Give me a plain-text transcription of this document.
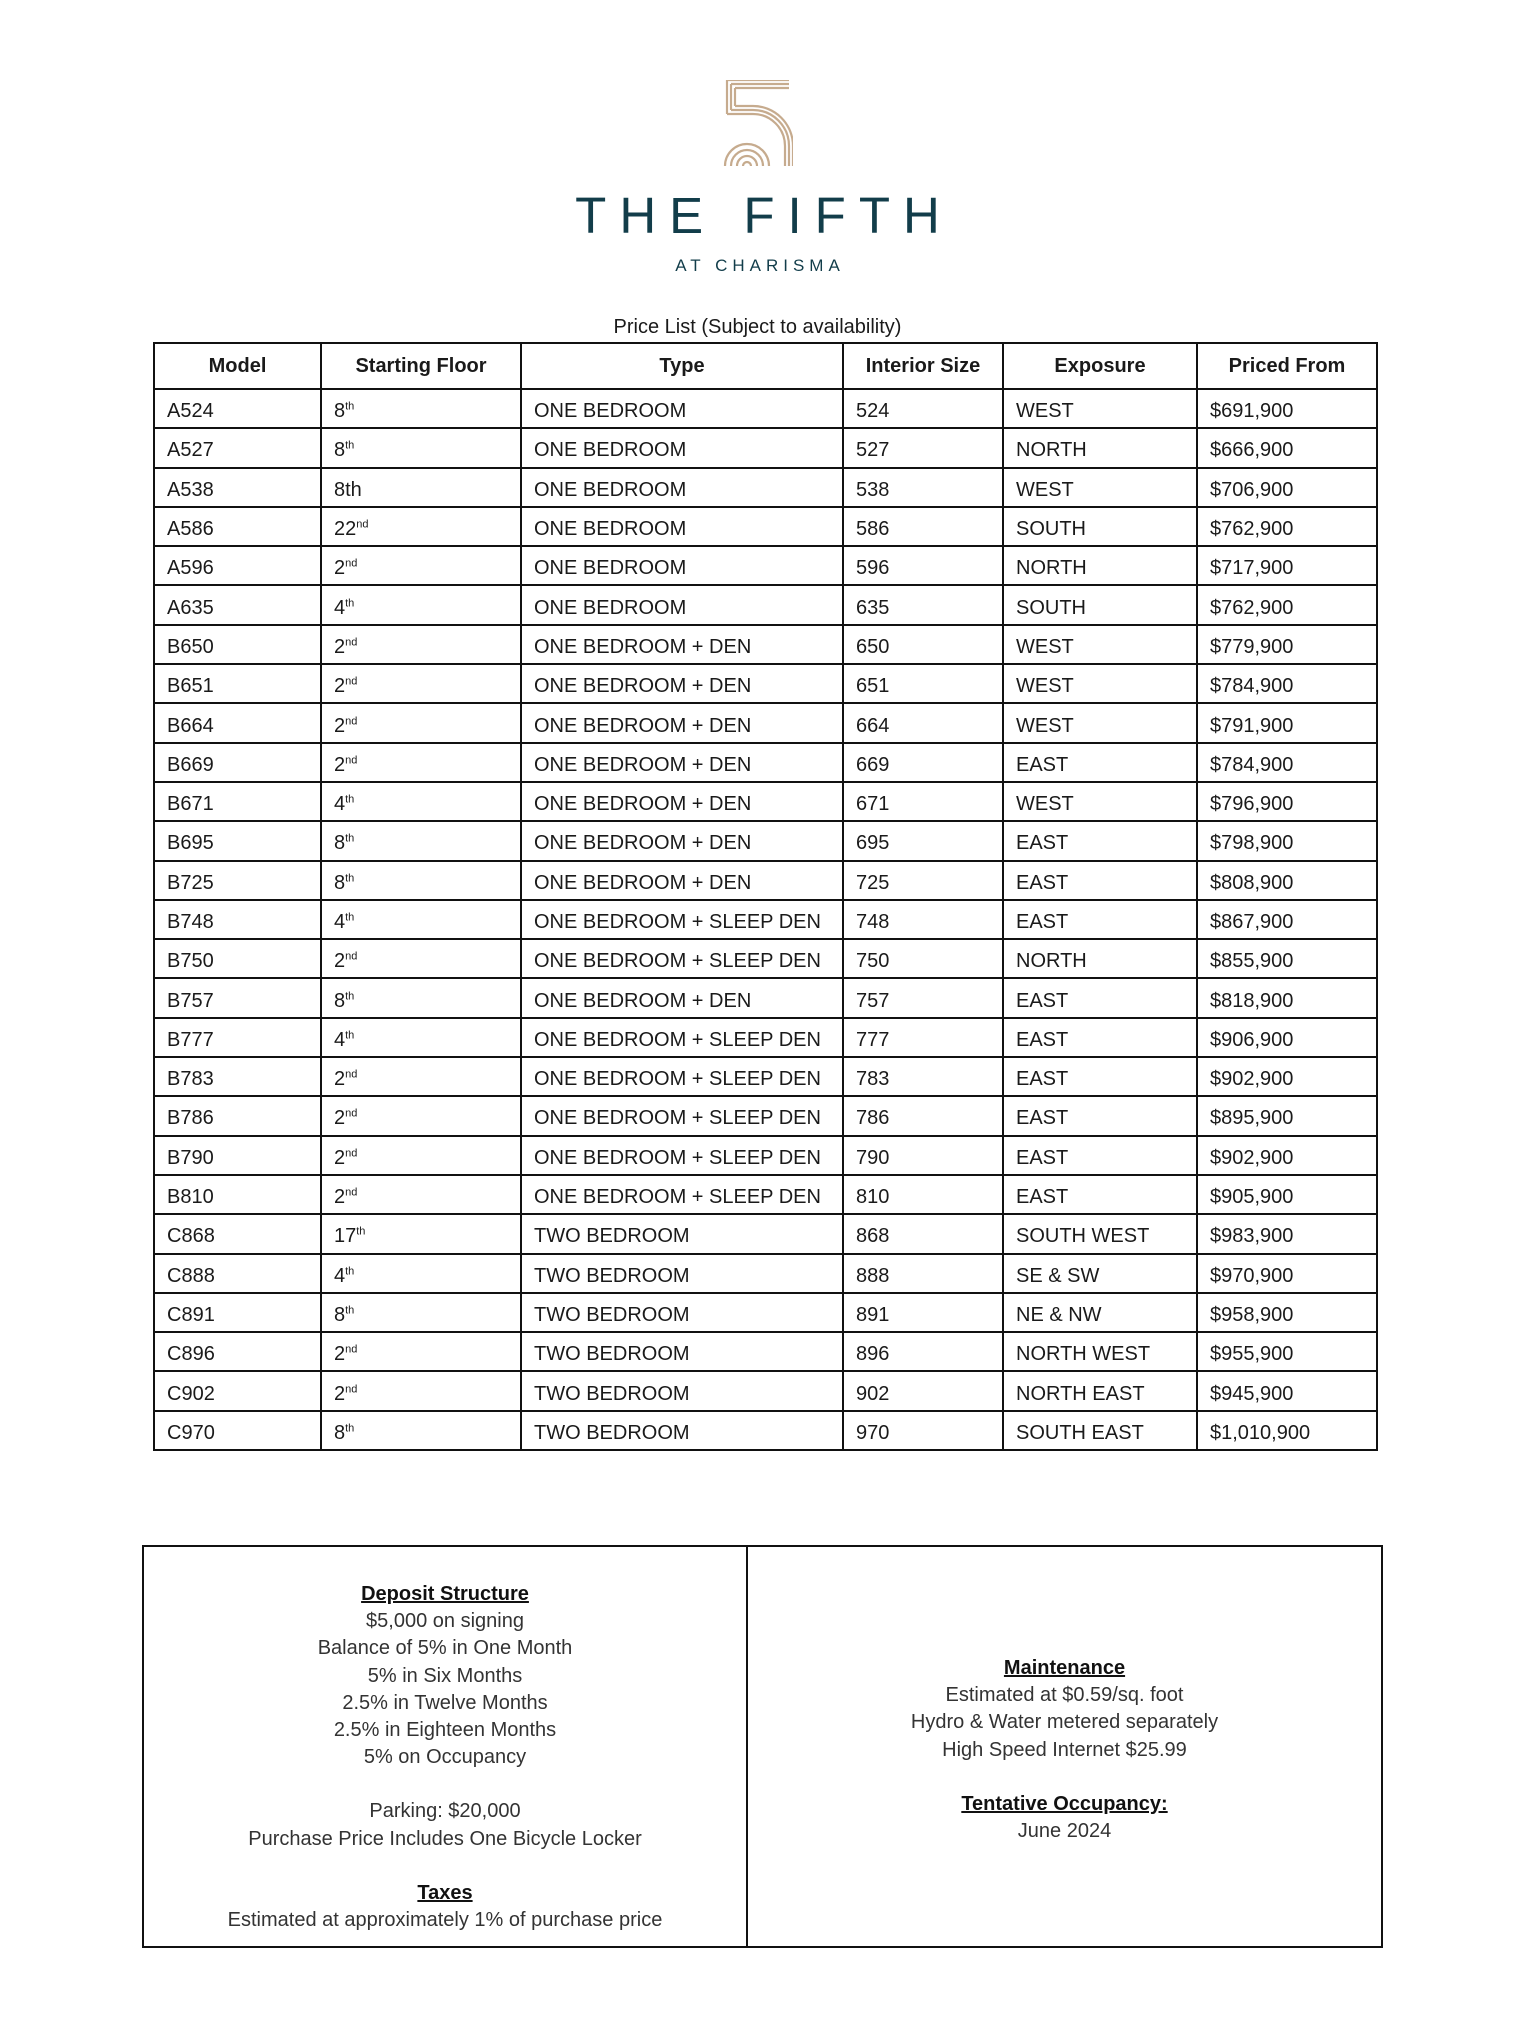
THE FIFTH
AT CHARISMA
Price List (Subject to availability)
Model	Starting Floor	Type	Interior Size	Exposure	Priced From
A524	8th	ONE BEDROOM	524	WEST	$691,900
A527	8th	ONE BEDROOM	527	NORTH	$666,900
A538	8th	ONE BEDROOM	538	WEST	$706,900
A586	22nd	ONE BEDROOM	586	SOUTH	$762,900
A596	2nd	ONE BEDROOM	596	NORTH	$717,900
A635	4th	ONE BEDROOM	635	SOUTH	$762,900
B650	2nd	ONE BEDROOM + DEN	650	WEST	$779,900
B651	2nd	ONE BEDROOM + DEN	651	WEST	$784,900
B664	2nd	ONE BEDROOM + DEN	664	WEST	$791,900
B669	2nd	ONE BEDROOM + DEN	669	EAST	$784,900
B671	4th	ONE BEDROOM + DEN	671	WEST	$796,900
B695	8th	ONE BEDROOM + DEN	695	EAST	$798,900
B725	8th	ONE BEDROOM + DEN	725	EAST	$808,900
B748	4th	ONE BEDROOM + SLEEP DEN	748	EAST	$867,900
B750	2nd	ONE BEDROOM + SLEEP DEN	750	NORTH	$855,900
B757	8th	ONE BEDROOM + DEN	757	EAST	$818,900
B777	4th	ONE BEDROOM + SLEEP DEN	777	EAST	$906,900
B783	2nd	ONE BEDROOM + SLEEP DEN	783	EAST	$902,900
B786	2nd	ONE BEDROOM + SLEEP DEN	786	EAST	$895,900
B790	2nd	ONE BEDROOM + SLEEP DEN	790	EAST	$902,900
B810	2nd	ONE BEDROOM + SLEEP DEN	810	EAST	$905,900
C868	17th	TWO BEDROOM	868	SOUTH WEST	$983,900
C888	4th	TWO BEDROOM	888	SE & SW	$970,900
C891	8th	TWO BEDROOM	891	NE & NW	$958,900
C896	2nd	TWO BEDROOM	896	NORTH WEST	$955,900
C902	2nd	TWO BEDROOM	902	NORTH EAST	$945,900
C970	8th	TWO BEDROOM	970	SOUTH EAST	$1,010,900
Deposit Structure
$5,000 on signing
Balance of 5% in One Month
5% in Six Months
2.5% in Twelve Months
2.5% in Eighteen Months
5% on Occupancy
Parking: $20,000
Purchase Price Includes One Bicycle Locker
Taxes
Estimated at approximately 1% of purchase price
Maintenance
Estimated at $0.59/sq. foot
Hydro & Water metered separately
High Speed Internet $25.99
Tentative Occupancy:
June 2024
